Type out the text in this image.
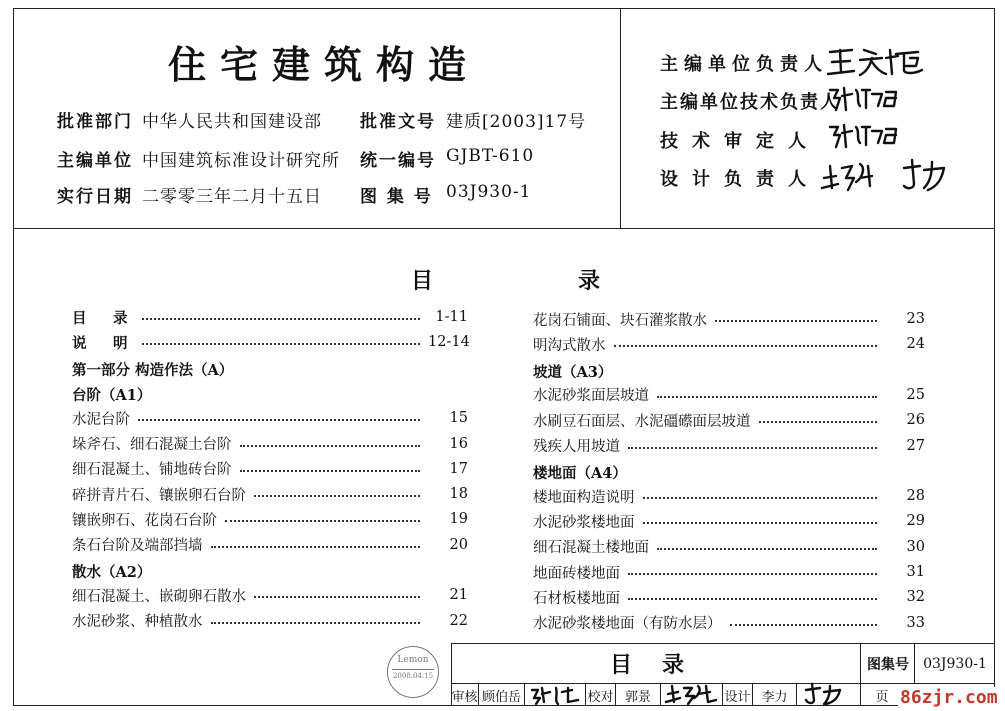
住宅建筑构造
批准部门 中华人民共和国建设部 批准文号 建质[2003]17号
主编单位 中国建筑标准设计研究所 统一编号 GJBT-610
实行日期 二零零三年二月十五日 图 集 号 03J930-1
主编单位负责人
主编单位技术负责人
技术审定人
设计负责人
目	录
目　录	1-11
说　明	12-14
第一部分 构造作法（A）
台阶（A1）
水泥台阶	15
垛斧石、细石混凝土台阶	16
细石混凝土、铺地砖台阶	17
碎拼青片石、镶嵌卵石台阶	18
镶嵌卵石、花岗石台阶	19
条石台阶及端部挡墙	20
散水（A2）
细石混凝土、嵌砌卵石散水	21
水泥砂浆、种植散水	22
花岗石铺面、块石灌浆散水	23
明沟式散水	24
坡道（A3）
水泥砂浆面层坡道	25
水刷豆石面层、水泥礓礤面层坡道	26
残疾人用坡道	27
楼地面（A4）
楼地面构造说明	28
水泥砂浆楼地面	29
细石混凝土楼地面	30
地面砖楼地面	31
石材板楼地面	32
水泥砂浆楼地面（有防水层）	33
目　录	图集号	03J930-1
审核 顾伯岳	校对 郭景	设计 李力	页
Lemon
2008.04.15
86zjr.com
